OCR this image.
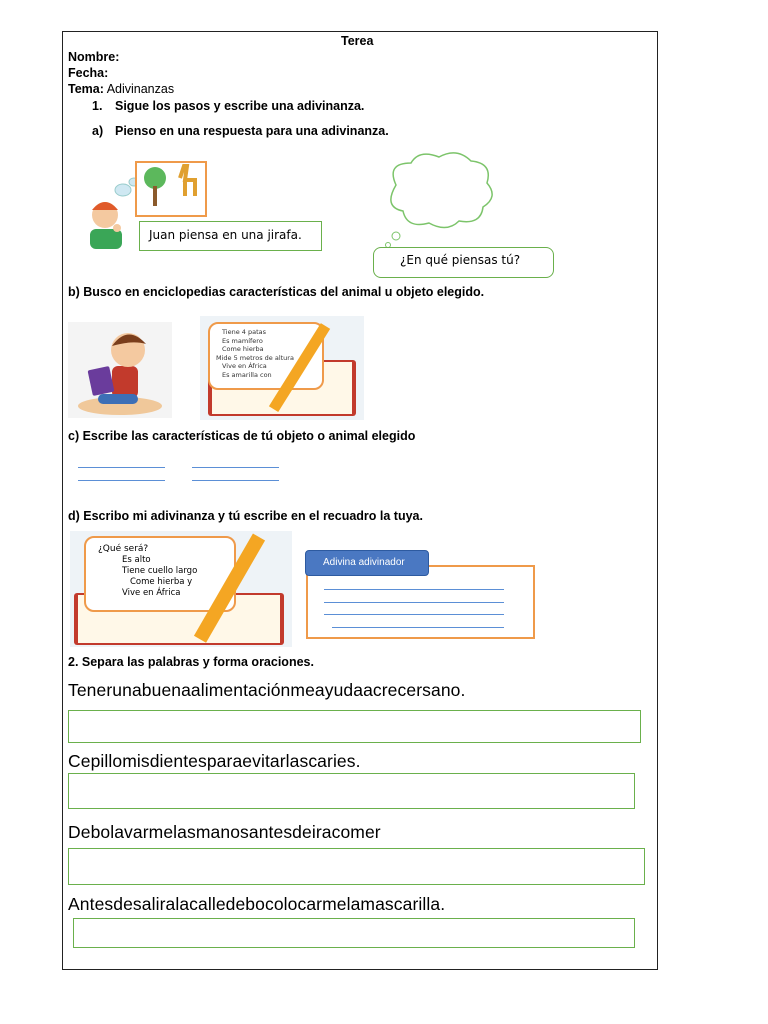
Terea
Nombre:
Fecha:
Tema: Adivinanzas
1. Sigue los pasos y escribe una adivinanza.
a) Pienso en una respuesta para una adivinanza.
Juan piensa en una jirafa.
¿En qué piensas tú?
b) Busco en enciclopedias características del animal u objeto elegido.
Tiene 4 patas
Es mamífero
Come hierba
Mide 5 metros de altura
Vive en África
Es amarilla con
c) Escribe las características de tú objeto o animal elegido
d) Escribo mi adivinanza y tú escribe en el recuadro la tuya.
¿Qué será?
Es alto
Tiene cuello largo
Come hierba y
Vive en África
Adivina adivinador
2. Separa las palabras y forma oraciones.
Tenerunabuenaalimentaciónmeayudaacrecersano.
Cepillomisdientesparaevitarlascaries.
Debolavarmelasmanosantesdeiracomer
Antesdesaliralacalledebocolocarmelamascarilla.
